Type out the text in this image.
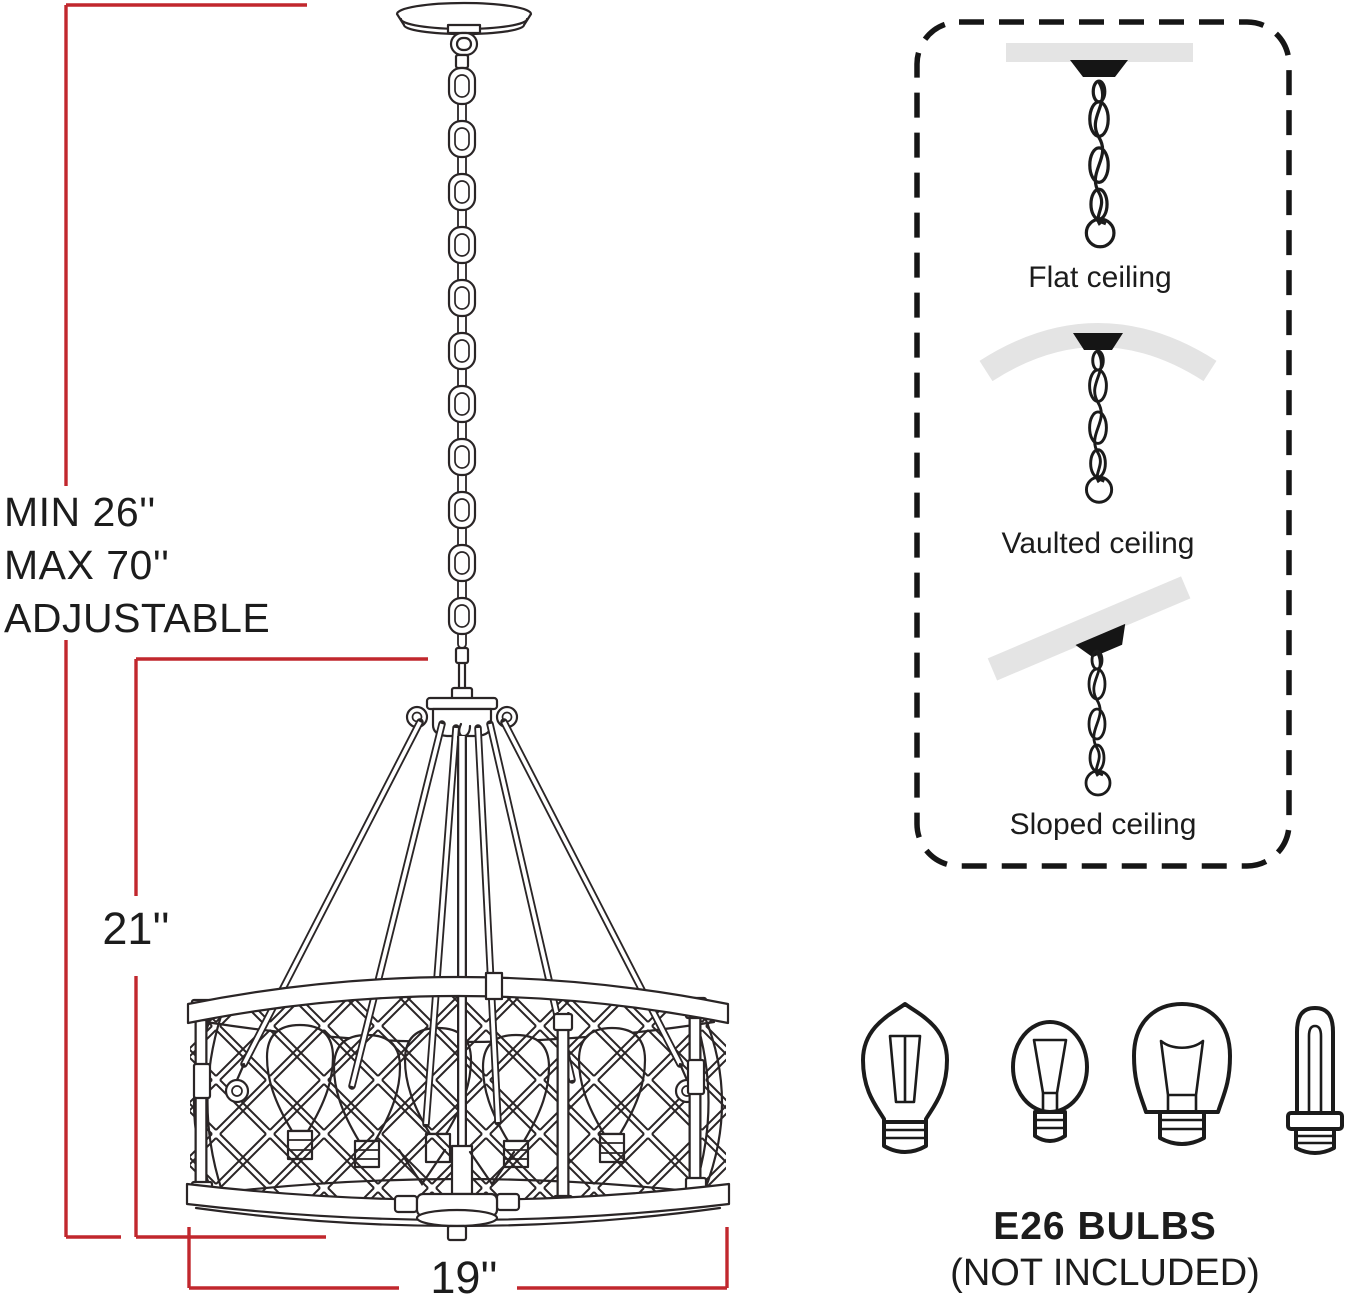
MIN 26''
MAX 70''
ADJUSTABLE
21''
19''
Flat ceiling
Vaulted ceiling
Sloped ceiling
E26 BULBS
(NOT INCLUDED)
